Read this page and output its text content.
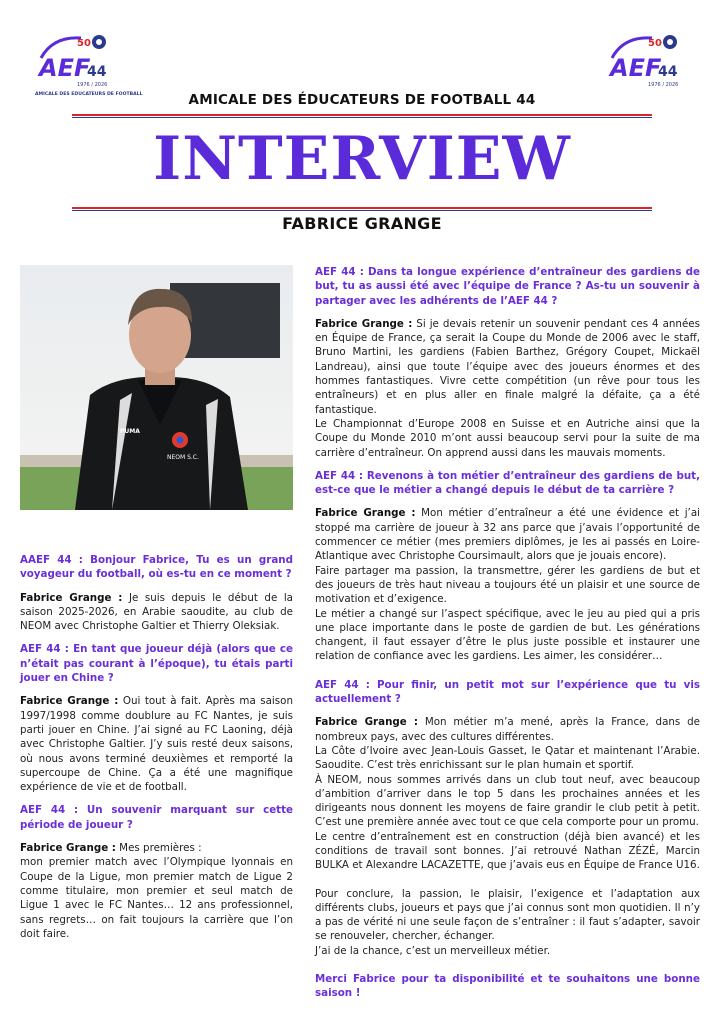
50
AEF
44
1976 / 2026
AMICALE DES EDUCATEURS DE FOOTBALL
50
AEF
44
1976 / 2026
AMICALE DES ÉDUCATEURS DE FOOTBALL 44
INTERVIEW
FABRICE GRANGE
NEOM S.C.
PUMA

AAEF 44 : Bonjour Fabrice, Tu es un grand voyageur du football, où es-tu en ce moment ?

Fabrice Grange : Je suis depuis le début de la saison 2025-2026, en Arabie saoudite, au club de NEOM avec Christophe Galtier et Thierry Oleksiak.

AEF 44 : En tant que joueur déjà (alors que ce n’était pas courant à l’époque), tu étais parti jouer en Chine ?

Fabrice Grange : Oui tout à fait. Après ma saison 1997/1998 comme doublure au FC Nantes, je suis parti jouer en Chine. J’ai signé au FC Laoning, déjà avec Christophe Galtier. J’y suis resté deux saisons, où nous avons terminé deuxièmes et remporté la supercoupe de Chine. Ça a été une magnifique expérience de vie et de football.

AEF 44 : Un souvenir marquant sur cette période de joueur ?

Fabrice Grange : Mes premières :

mon premier match avec l’Olympique lyonnais en Coupe de la Ligue, mon premier match de Ligue 2 comme titulaire, mon premier et seul match de Ligue 1 avec le FC Nantes… 12 ans professionnel, sans regrets… on fait toujours la carrière que l’on doit faire.

AEF 44 : Dans ta longue expérience d’entraîneur des gardiens de but, tu as aussi été avec l’équipe de France ? As-tu un souvenir à partager avec les adhérents de l’AEF 44 ?

Fabrice Grange : Si je devais retenir un souvenir pendant ces 4 années en Équipe de France, ça serait la Coupe du Monde de 2006 avec le staff, Bruno Martini, les gardiens (Fabien Barthez, Grégory Coupet, Mickaël Landreau), ainsi que toute l’équipe avec des joueurs énormes et des hommes fantastiques. Vivre cette compétition (un rêve pour tous les entraîneurs) et en plus aller en finale malgré la défaite, ça a été fantastique.

Le Championnat d’Europe 2008 en Suisse et en Autriche ainsi que la Coupe du Monde 2010 m’ont aussi beaucoup servi pour la suite de ma carrière d’entraîneur. On apprend aussi dans les mauvais moments.

AEF 44 : Revenons à ton métier d’entraîneur des gardiens de but, est-ce que le métier a changé depuis le début de ta carrière ?

Fabrice Grange : Mon métier d’entraîneur a été une évidence et j’ai stoppé ma carrière de joueur à 32 ans parce que j’avais l’opportunité de commencer ce métier (mes premiers diplômes, je les ai passés en Loire-Atlantique avec Christophe Coursimault, alors que je jouais encore).

Faire partager ma passion, la transmettre, gérer les gardiens de but et des joueurs de très haut niveau a toujours été un plaisir et une source de motivation et d’exigence.

Le métier a changé sur l’aspect spécifique, avec le jeu au pied qui a pris une place importante dans le poste de gardien de but. Les générations changent, il faut essayer d’être le plus juste possible et instaurer une relation de confiance avec les gardiens. Les aimer, les considérer…

AEF 44 : Pour finir, un petit mot sur l’expérience que tu vis actuellement ?

Fabrice Grange : Mon métier m’a mené, après la France, dans de nombreux pays, avec des cultures différentes.

La Côte d’Ivoire avec Jean-Louis Gasset, le Qatar et maintenant l’Arabie. Saoudite. C’est très enrichissant sur le plan humain et sportif.

À NEOM, nous sommes arrivés dans un club tout neuf, avec beaucoup d’ambition d’arriver dans le top 5 dans les prochaines années et les dirigeants nous donnent les moyens de faire grandir le club petit à petit. C’est une première année avec tout ce que cela comporte pour un promu.

Le centre d’entraînement est en construction (déjà bien avancé) et les conditions de travail sont bonnes. J’ai retrouvé Nathan ZÉZÉ, Marcin BULKA et Alexandre LACAZETTE, que j’avais eus en Équipe de France U16.

Pour conclure, la passion, le plaisir, l’exigence et l’adaptation aux différents clubs, joueurs et pays que j’ai connus sont mon quotidien. Il n’y a pas de vérité ni une seule façon de s’entraîner : il faut s’adapter, savoir se renouveler, chercher, échanger.

J’ai de la chance, c’est un merveilleux métier.

Merci Fabrice pour ta disponibilité et te souhaitons une bonne saison !
